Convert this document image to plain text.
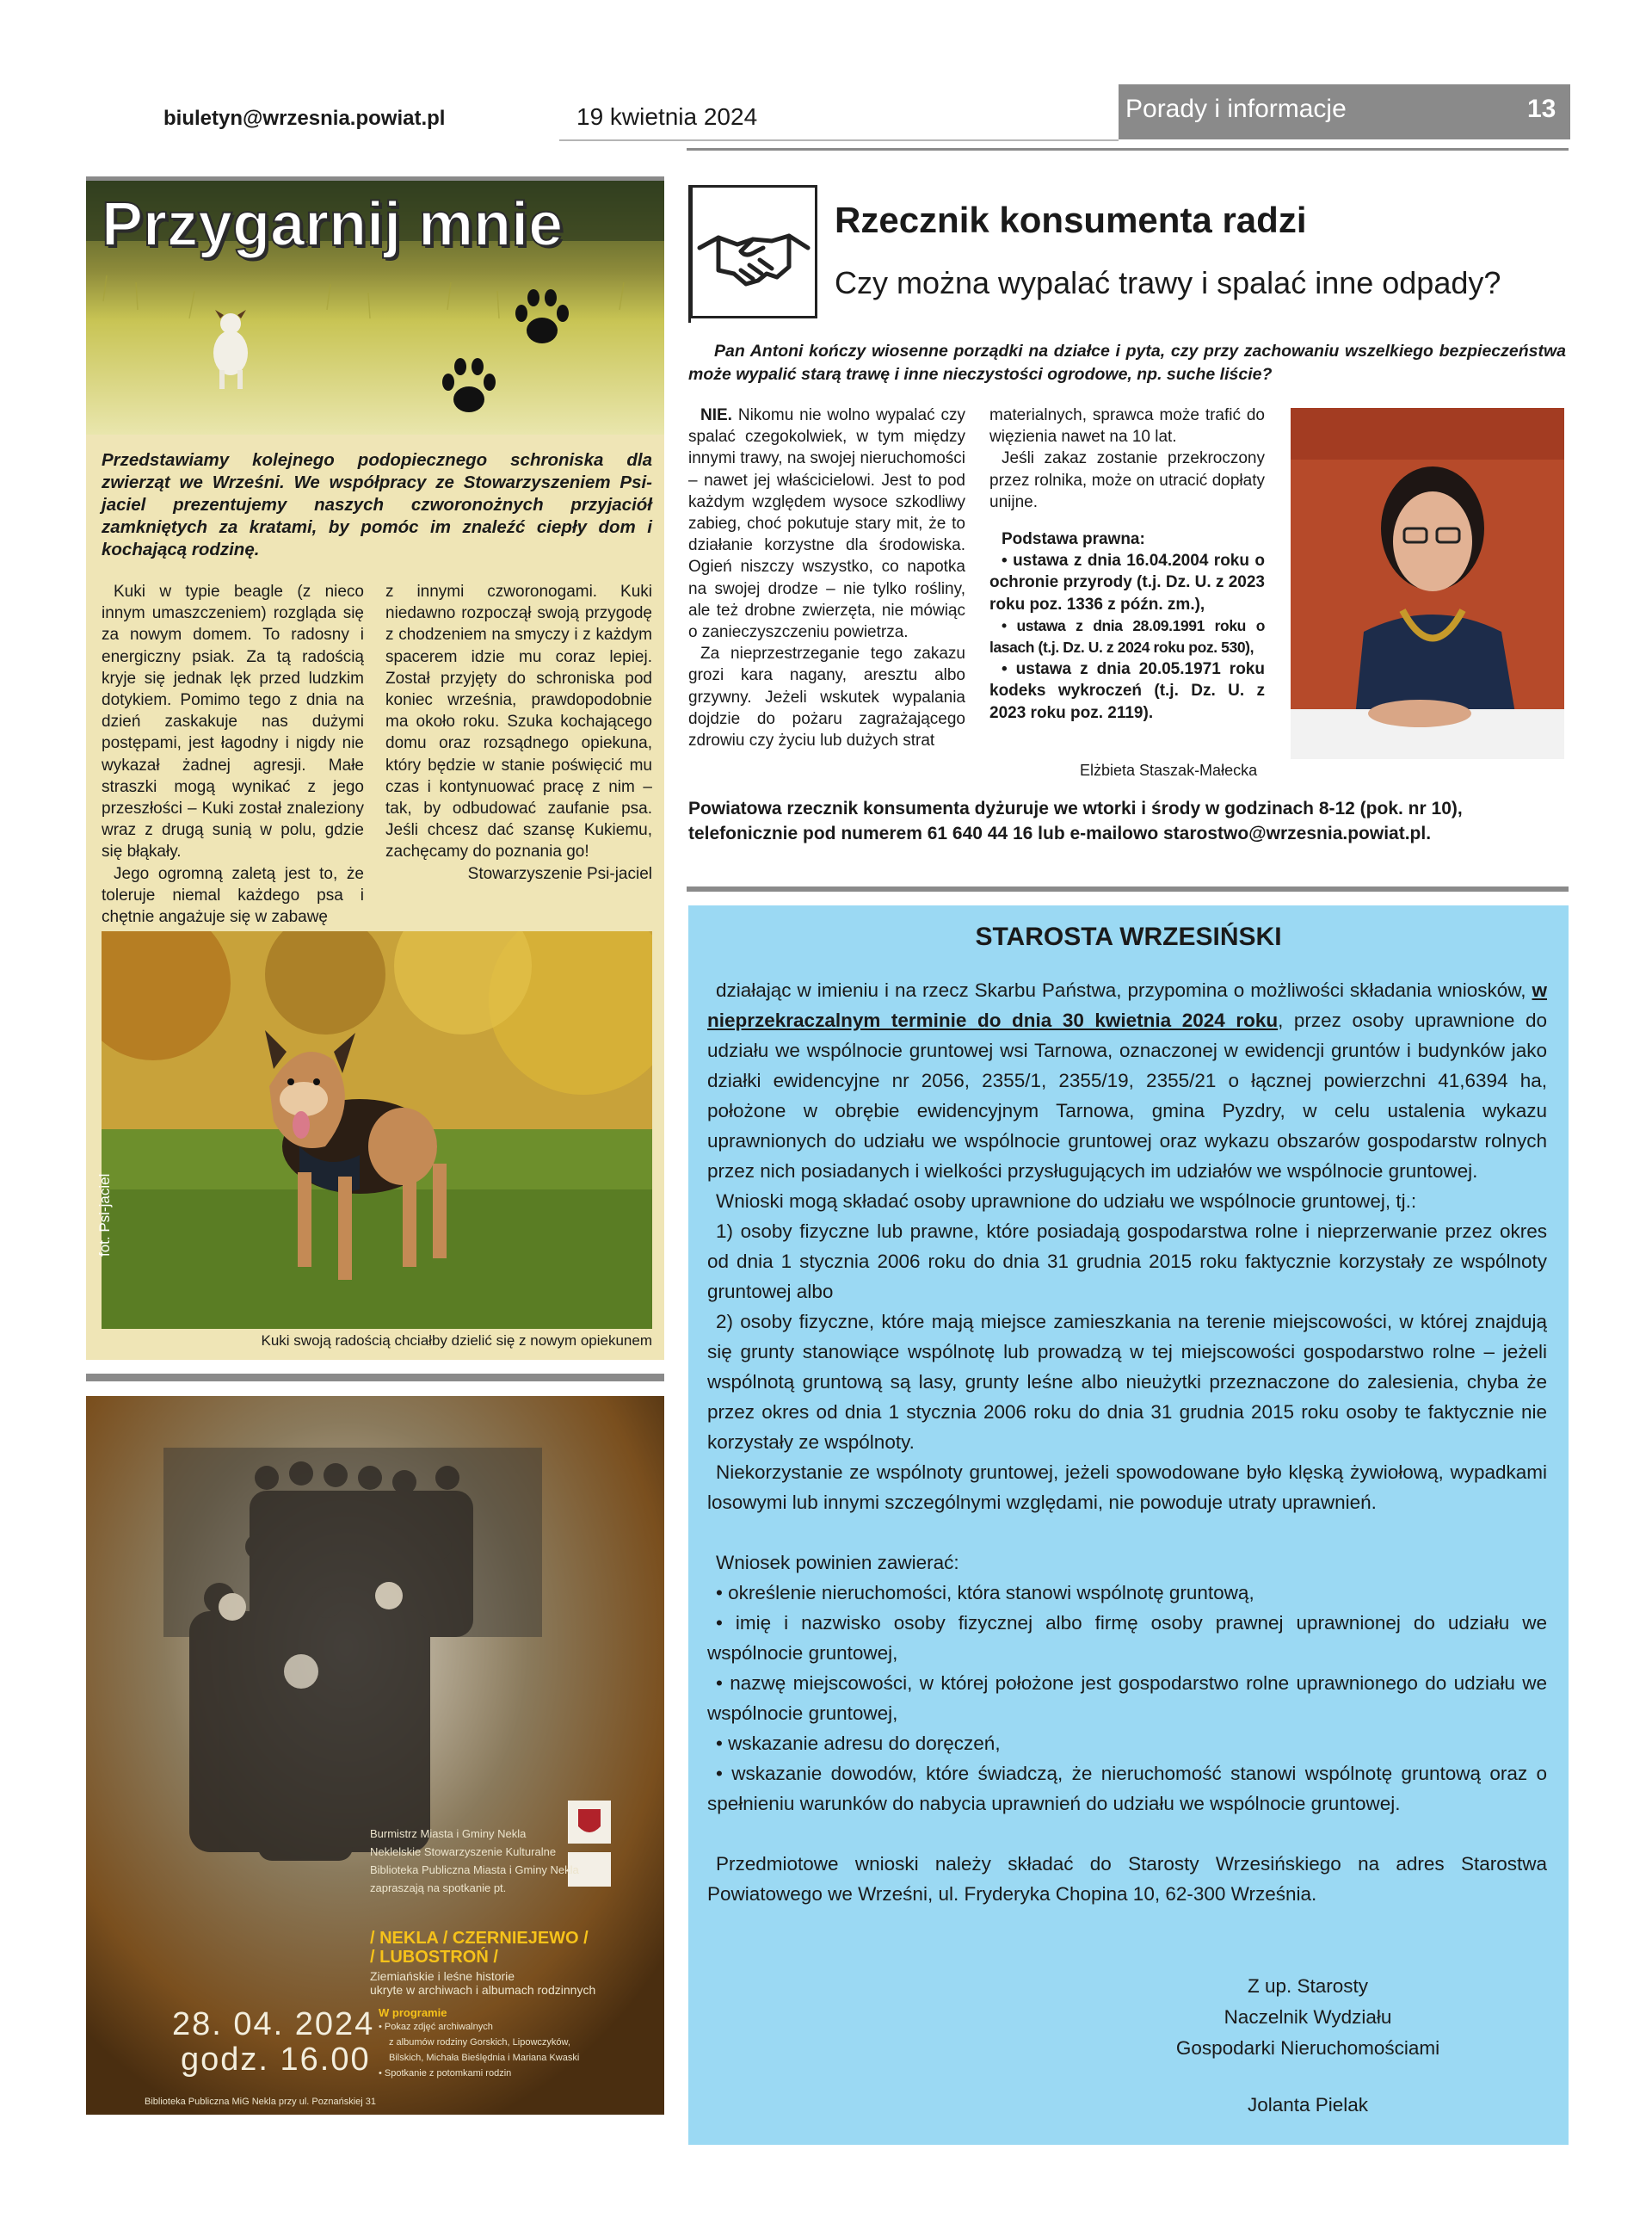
biuletyn@wrzesnia.powiat.pl	19 kwietnia 2024	Porady i informacje	13
Przygarnij mnie
Przedstawiamy kolejnego podopiecznego schroniska dla zwierząt we Wrześni. We współpracy ze Stowarzyszeniem Psi-jaciel prezentujemy naszych czworonożnych przyjaciół zamkniętych za kratami, by pomóc im znaleźć ciepły dom i kochającą rodzinę.

Kuki w typie beagle (z nieco innym umaszczeniem) rozgląda się za nowym domem. To radosny i energiczny psiak. Za tą radością kryje się jednak lęk przed ludzkim dotykiem. Pomimo tego z dnia na dzień zaskakuje nas dużymi postępami, jest łagodny i nigdy nie wykazał żadnej agresji. Małe straszki mogą wynikać z jego przeszłości – Kuki został znaleziony wraz z drugą sunią w polu, gdzie się błąkały.

Jego ogromną zaletą jest to, że toleruje niemal każdego psa i chętnie angażuje się w zabawę

z innymi czworonogami. Kuki niedawno rozpoczął swoją przygodę z chodzeniem na smyczy i z każdym spacerem idzie mu coraz lepiej. Został przyjęty do schroniska pod koniec września, prawdopodobnie ma około roku. Szuka kochającego domu oraz rozsądnego opiekuna, który będzie w stanie poświęcić mu czas i kontynuować pracę z nim – tak, by odbudować zaufanie psa. Jeśli chcesz dać szansę Kukiemu, zachęcamy do poznania go!

Stowarzyszenie Psi-jaciel

fot. Psi-jaciel
Kuki swoją radością chciałby dzielić się z nowym opiekunem
Burmistrz Miasta i Gminy Nekla
Neklelskie Stowarzyszenie Kulturalne
Biblioteka Publiczna Miasta i Gminy Nekla
zapraszają na spotkanie pt.
/ NEKLA / CZERNIEJEWO /
/ LUBOSTROŃ /
Ziemiańskie i leśne historie
ukryte w archiwach i albumach rodzinnych
W programie
• Pokaz zdjęć archiwalnych
z albumów rodziny Gorskich, Lipowczyków,
Bilskich, Michała Bieślędnia i Mariana Kwaski
• Spotkanie z potomkami rodzin
28. 04. 2024
godz. 16.00
Biblioteka Publiczna MiG Nekla przy ul. Poznańskiej 31
Rzecznik konsumenta radzi
Czy można wypalać trawy i spalać inne odpady?
Pan Antoni kończy wiosenne porządki na działce i pyta, czy przy zachowaniu wszelkiego bezpieczeństwa może wypalić starą trawę i inne nieczystości ogrodowe, np. suche liście?

NIE. Nikomu nie wolno wypalać czy spalać czegokolwiek, w tym między innymi trawy, na swojej nieruchomości – nawet jej właścicielowi. Jest to pod każdym względem wysoce szkodliwy zabieg, choć pokutuje stary mit, że to działanie korzystne dla środowiska. Ogień niszczy wszystko, co napotka na swojej drodze – nie tylko rośliny, ale też drobne zwierzęta, nie mówiąc o zanieczyszczeniu powietrza.

Za nieprzestrzeganie tego zakazu grozi kara nagany, aresztu albo grzywny. Jeżeli wskutek wypalania dojdzie do pożaru zagrażającego zdrowiu czy życiu lub dużych strat

materialnych, sprawca może trafić do więzienia nawet na 10 lat.

Jeśli zakaz zostanie przekroczony przez rolnika, może on utracić dopłaty unijne.

Podstawa prawna:

• ustawa z dnia 16.04.2004 roku o ochronie przyrody (t.j. Dz. U. z 2023 roku poz. 1336 z późn. zm.),

• ustawa z dnia 28.09.1991 roku o lasach (t.j. Dz. U. z 2024 roku poz. 530),

• ustawa z dnia 20.05.1971 roku kodeks wykroczeń (t.j. Dz. U. z 2023 roku poz. 2119).

Elżbieta Staszak-Małecka
Powiatowa rzecznik konsumenta dyżuruje we wtorki i środy w godzinach 8-12 (pok. nr 10), telefonicznie pod numerem 61 640 44 16 lub e-mailowo starostwo@wrzesnia.powiat.pl.
STAROSTA WRZESIŃSKI

działając w imieniu i na rzecz Skarbu Państwa, przypomina o możliwości składania wniosków, w nieprzekraczalnym terminie do dnia 30 kwietnia 2024 roku, przez osoby uprawnione do udziału we wspólnocie gruntowej wsi Tarnowa, oznaczonej w ewidencji gruntów i budynków jako działki ewidencyjne nr 2056, 2355/1, 2355/19, 2355/21 o łącznej powierzchni 41,6394 ha, położone w obrębie ewidencyjnym Tarnowa, gmina Pyzdry, w celu ustalenia wykazu uprawnionych do udziału we wspólnocie gruntowej oraz wykazu obszarów gospodarstw rolnych przez nich posiadanych i wielkości przysługujących im udziałów we wspólnocie gruntowej.

Wnioski mogą składać osoby uprawnione do udziału we wspólnocie gruntowej, tj.:

1) osoby fizyczne lub prawne, które posiadają gospodarstwa rolne i nieprzerwanie przez okres od dnia 1 stycznia 2006 roku do dnia 31 grudnia 2015 roku faktycznie korzystały ze wspólnoty gruntowej albo

2) osoby fizyczne, które mają miejsce zamieszkania na terenie miejscowości, w której znajdują się grunty stanowiące wspólnotę lub prowadzą w tej miejscowości gospodarstwo rolne – jeżeli wspólnotą gruntową są lasy, grunty leśne albo nieużytki przeznaczone do zalesienia, chyba że przez okres od dnia 1 stycznia 2006 roku do dnia 31 grudnia 2015 roku osoby te faktycznie nie korzystały ze wspólnoty.

Niekorzystanie ze wspólnoty gruntowej, jeżeli spowodowane było klęską żywiołową, wypadkami losowymi lub innymi szczególnymi względami, nie powoduje utraty uprawnień.

Wniosek powinien zawierać:

• określenie nieruchomości, która stanowi wspólnotę gruntową,

• imię i nazwisko osoby fizycznej albo firmę osoby prawnej uprawnionej do udziału we wspólnocie gruntowej,

• nazwę miejscowości, w której położone jest gospodarstwo rolne uprawnionego do udziału we wspólnocie gruntowej,

• wskazanie adresu do doręczeń,

• wskazanie dowodów, które świadczą, że nieruchomość stanowi wspólnotę gruntową oraz o spełnieniu warunków do nabycia uprawnień do udziału we wspólnocie gruntowej.

Przedmiotowe wnioski należy składać do Starosty Wrzesińskiego na adres Starostwa Powiatowego we Wrześni, ul. Fryderyka Chopina 10, 62-300 Września.

Z up. Starosty
Naczelnik Wydziału
Gospodarki Nieruchomościami
Jolanta Pielak
